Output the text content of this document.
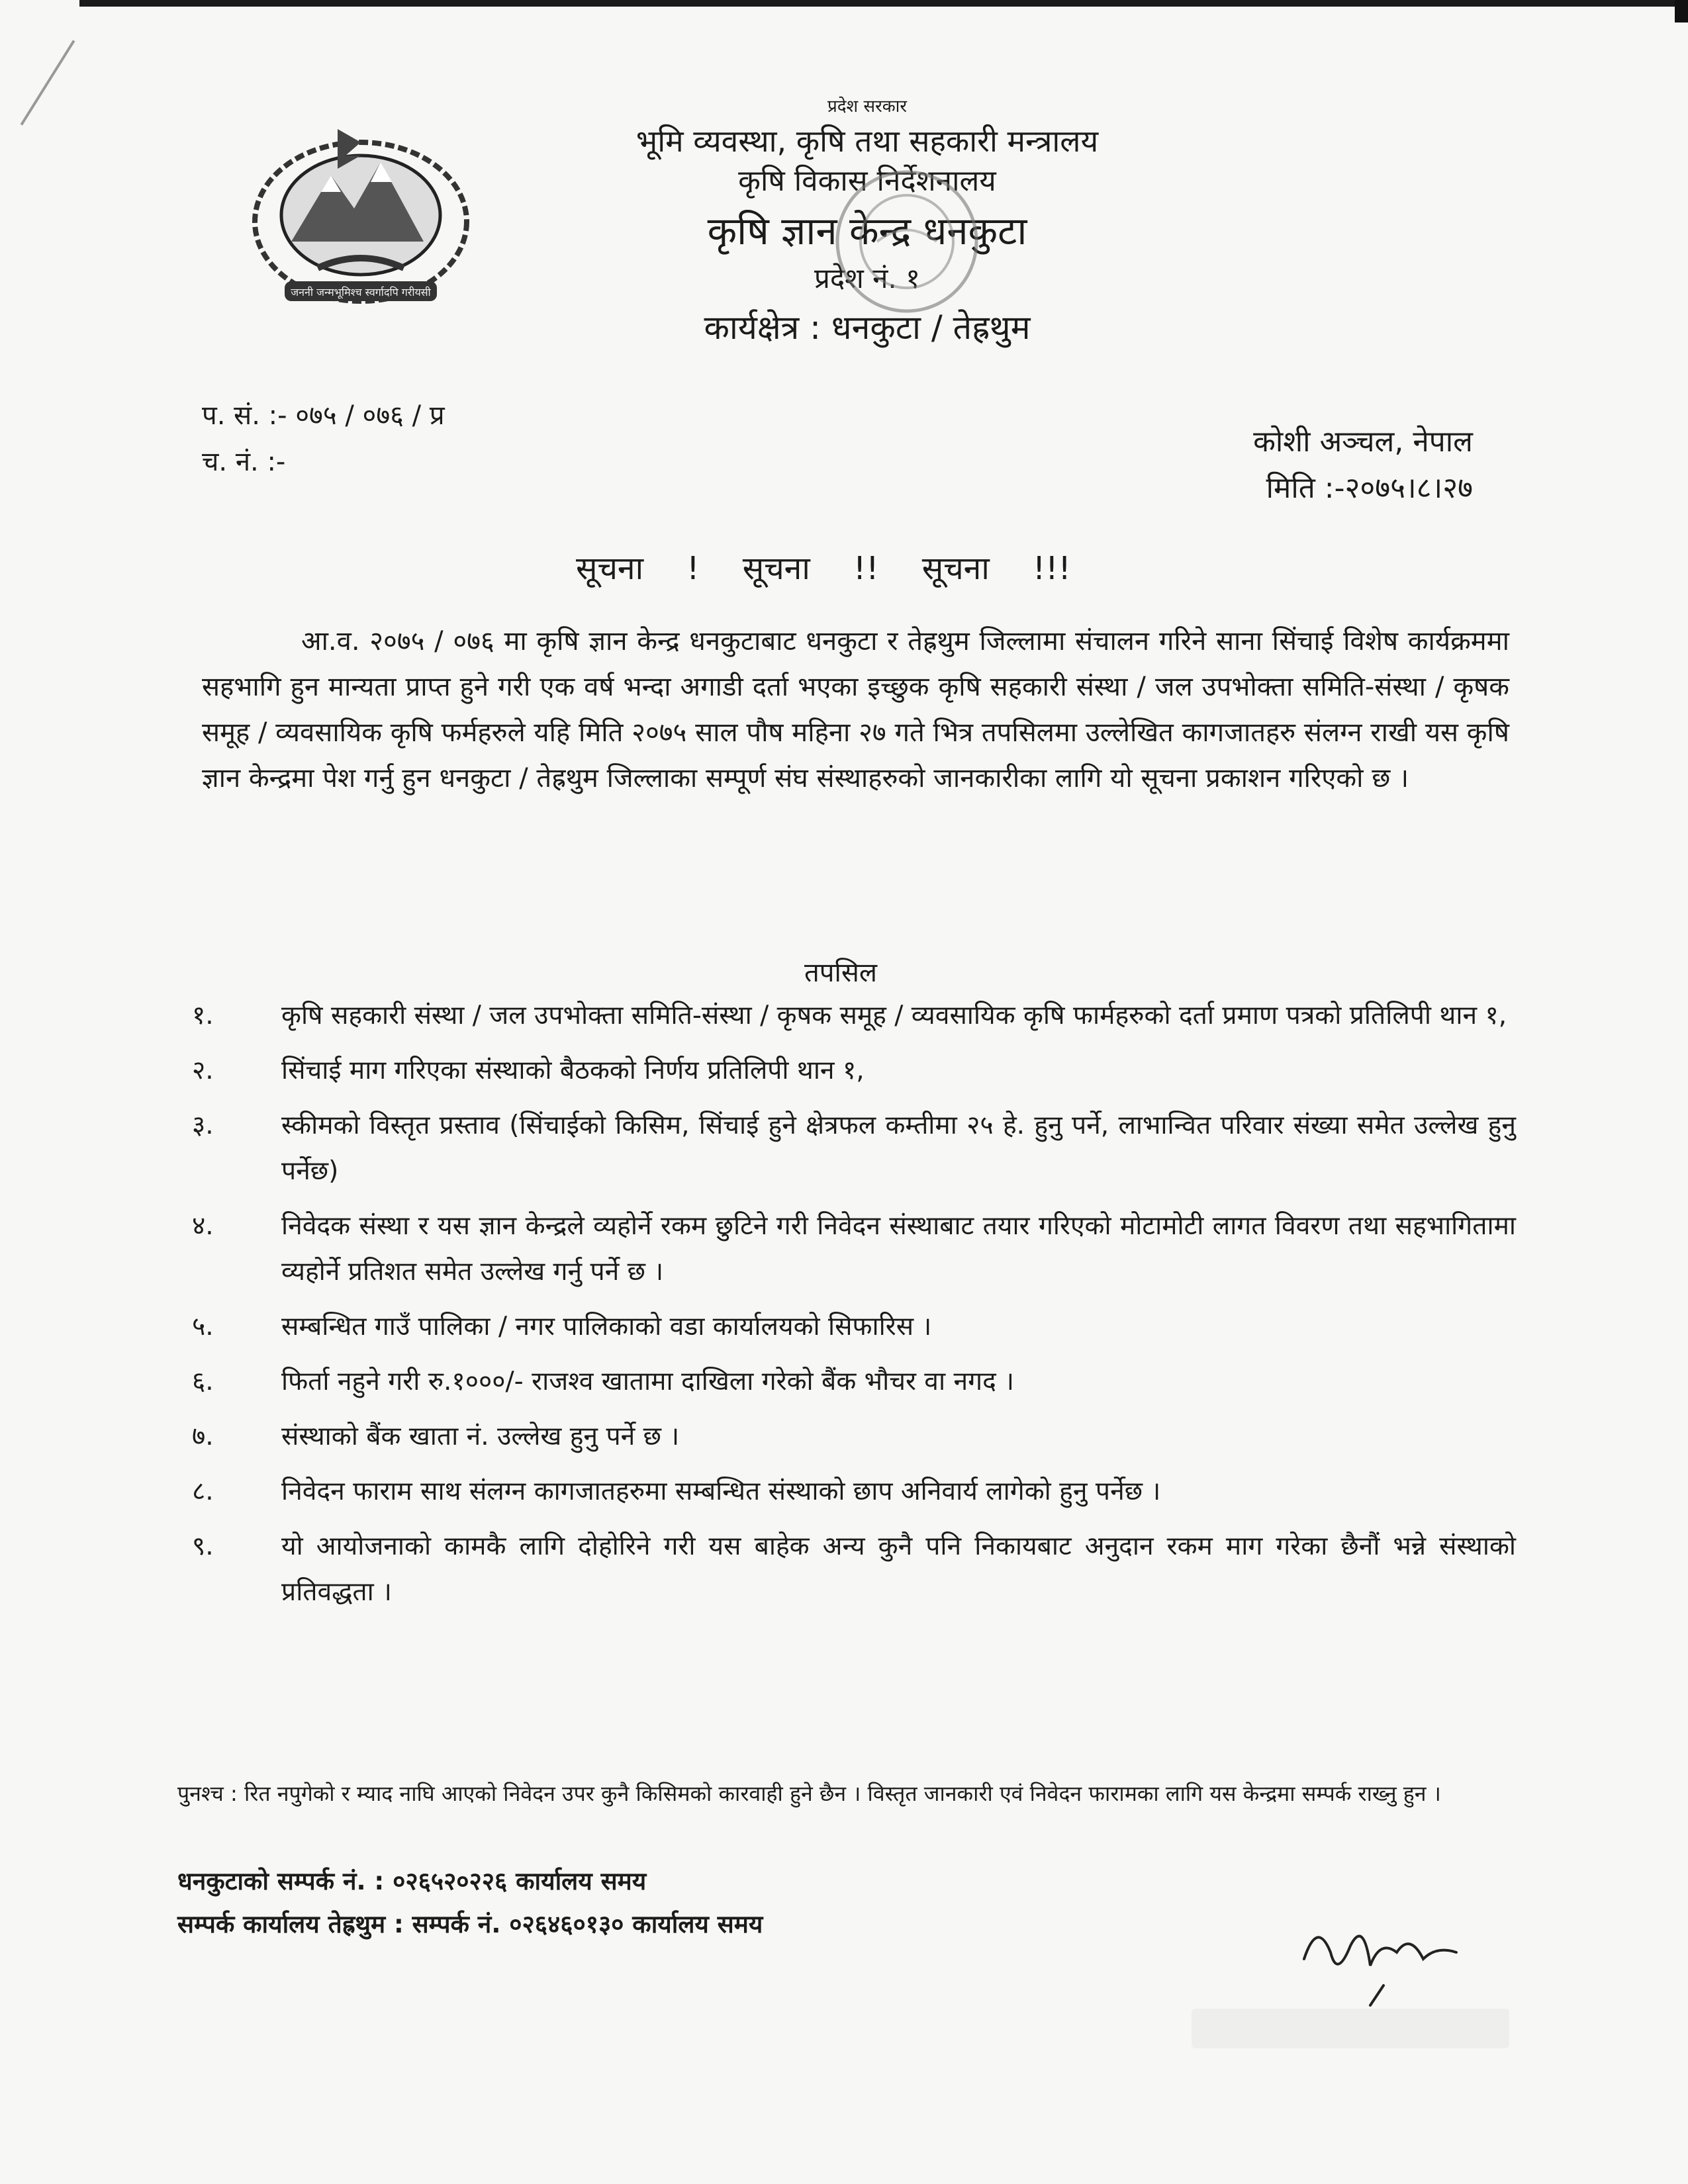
जननी जन्मभूमिश्च स्वर्गादपि गरीयसी
प्रदेश सरकार
भूमि व्यवस्था, कृषि तथा सहकारी मन्त्रालय
कृषि विकास निर्देशनालय
कृषि ज्ञान केन्द्र धनकुटा
प्रदेश नं. १
कार्यक्षेत्र : धनकुटा / तेह्रथुम
प. सं. :- ०७५ / ०७६ / प्र
च. नं. :-
कोशी अञ्चल, नेपाल
मिति :-२०७५।८।२७
सूचना ! सूचना !! सूचना !!!
आ.व. २०७५ / ०७६ मा कृषि ज्ञान केन्द्र धनकुटाबाट धनकुटा र तेह्रथुम जिल्लामा संचालन गरिने साना सिंचाई विशेष कार्यक्रममा सहभागि हुन मान्यता प्राप्त हुने गरी एक वर्ष भन्दा अगाडी दर्ता भएका इच्छुक कृषि सहकारी संस्था / जल उपभोक्ता समिति-संस्था / कृषक समूह / व्यवसायिक कृषि फर्महरुले यहि मिति २०७५ साल पौष महिना २७ गते भित्र तपसिलमा उल्लेखित कागजातहरु संलग्न राखी यस कृषि ज्ञान केन्द्रमा पेश गर्नु हुन धनकुटा / तेह्रथुम जिल्लाका सम्पूर्ण संघ संस्थाहरुको जानकारीका लागि यो सूचना प्रकाशन गरिएको छ ।
तपसिल
१.	कृषि सहकारी संस्था / जल उपभोक्ता समिति-संस्था / कृषक समूह / व्यवसायिक कृषि फार्महरुको दर्ता प्रमाण पत्रको प्रतिलिपी थान १,
२.	सिंचाई माग गरिएका संस्थाको बैठकको निर्णय प्रतिलिपी थान १,
३.	स्कीमको विस्तृत प्रस्ताव (सिंचाईको किसिम, सिंचाई हुने क्षेत्रफल कम्तीमा २५ हे. हुनु पर्ने, लाभान्वित परिवार संख्या समेत उल्लेख हुनु पर्नेछ)
४.	निवेदक संस्था र यस ज्ञान केन्द्रले व्यहोर्ने रकम छुटिने गरी निवेदन संस्थाबाट तयार गरिएको मोटामोटी लागत विवरण तथा सहभागितामा व्यहोर्ने प्रतिशत समेत उल्लेख गर्नु पर्ने छ ।
५.	सम्बन्धित गाउँ पालिका / नगर पालिकाको वडा कार्यालयको सिफारिस ।
६.	फिर्ता नहुने गरी रु.१०००/- राजश्व खातामा दाखिला गरेको बैंक भौचर वा नगद ।
७.	संस्थाको बैंक खाता नं. उल्लेख हुनु पर्ने छ ।
८.	निवेदन फाराम साथ संलग्न कागजातहरुमा सम्बन्धित संस्थाको छाप अनिवार्य लागेको हुनु पर्नेछ ।
९.	यो आयोजनाको कामकै लागि दोहोरिने गरी यस बाहेक अन्य कुनै पनि निकायबाट अनुदान रकम माग गरेका छैनौं भन्ने संस्थाको प्रतिवद्धता ।
पुनश्च : रित नपुगेको र म्याद नाघि आएको निवेदन उपर कुनै किसिमको कारवाही हुने छैन । विस्तृत जानकारी एवं निवेदन फारामका लागि यस केन्द्रमा सम्पर्क राख्नु हुन ।
धनकुटाको सम्पर्क नं. : ०२६५२०२२६ कार्यालय समय
सम्पर्क कार्यालय तेह्रथुम : सम्पर्क नं. ०२६४६०१३० कार्यालय समय
